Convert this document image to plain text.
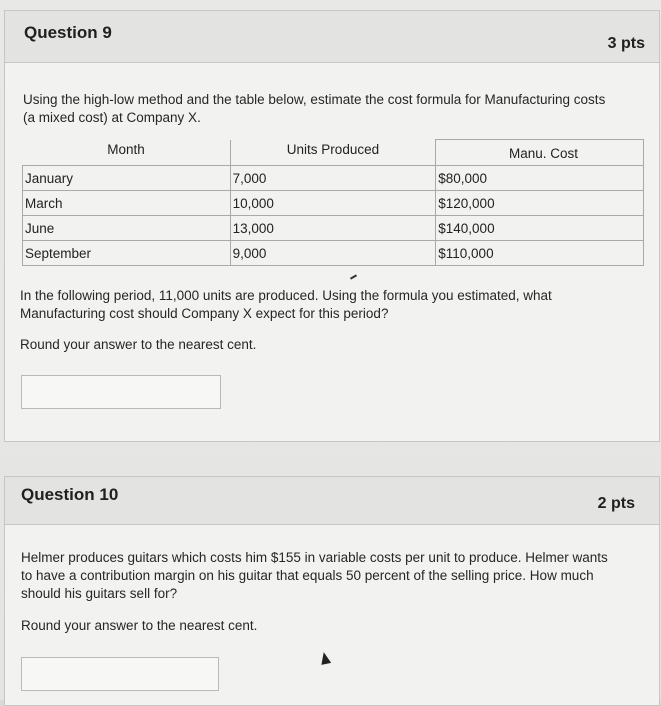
Question 9
3 pts
Using the high-low method and the table below, estimate the cost formula for Manufacturing costs
(a mixed cost) at Company X.
Month	Units Produced	Manu. Cost
January	7,000	$80,000
March	10,000	$120,000
June	13,000	$140,000
September	9,000	$110,000
In the following period, 11,000 units are produced. Using the formula you estimated, what
Manufacturing cost should Company X expect for this period?
Round your answer to the nearest cent.
Question 10	2 pts
Helmer produces guitars which costs him $155 in variable costs per unit to produce. Helmer wants
to have a contribution margin on his guitar that equals 50 percent of the selling price. How much
should his guitars sell for?
Round your answer to the nearest cent.
